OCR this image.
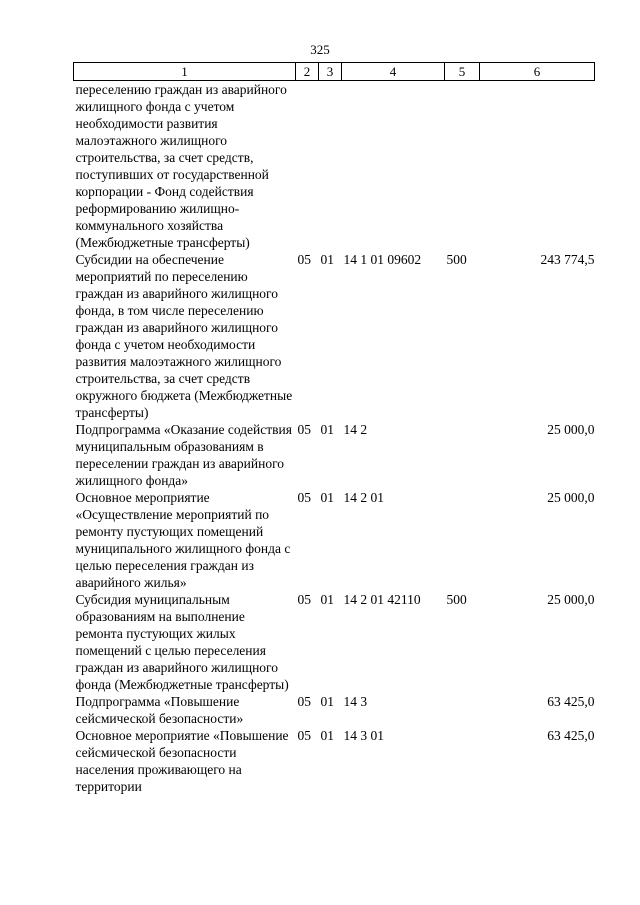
325
1	2	3	4	5	6
переселению граждан из аварийного жилищного фонда с учетом необходимости развития малоэтажного жилищного строительства, за счет средств, поступивших от государственной корпорации - Фонд содействия реформированию жилищно-коммунального хозяйства (Межбюджетные трансферты)					
Субсидии на обеспечение мероприятий по переселению граждан из аварийного жилищного фонда, в том числе переселению граждан из аварийного жилищного фонда с учетом необходимости развития малоэтажного жилищного строительства, за счет средств окружного бюджета (Межбюджетные трансферты)	05	01	14 1 01 09602	500	243 774,5
Подпрограмма «Оказание содействия муниципальным образованиям в переселении граждан из аварийного жилищного фонда»	05	01	14 2		25 000,0
Основное мероприятие «Осуществление мероприятий по ремонту пустующих помещений муниципального жилищного фонда с целью переселения граждан из аварийного жилья»	05	01	14 2 01		25 000,0
Субсидия муниципальным образованиям на выполнение ремонта пустующих жилых помещений с целью переселения граждан из аварийного жилищного фонда (Межбюджетные трансферты)	05	01	14 2 01 42110	500	25 000,0
Подпрограмма «Повышение сейсмической безопасности»	05	01	14 3		63 425,0
Основное мероприятие «Повышение сейсмической безопасности населения проживающего на территории	05	01	14 3 01		63 425,0
